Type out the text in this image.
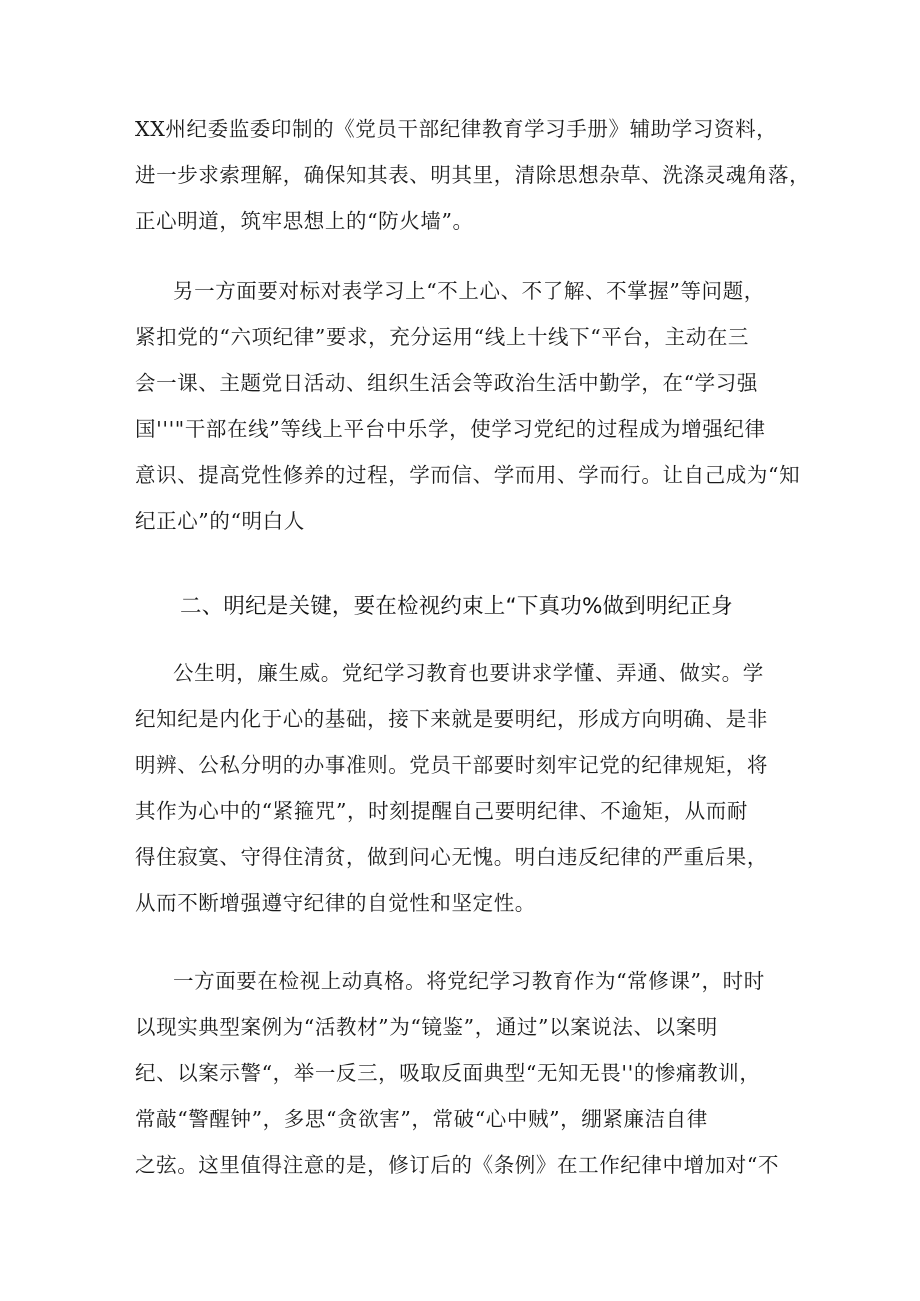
XX州纪委监委印制的《党员干部纪律教育学习手册》辅助学习资料，
进一步求索理解，确保知其表、明其里，清除思想杂草、洗涤灵魂角落，
正心明道，筑牢思想上的“防火墙”。
另一方面要对标对表学习上“不上心、不了解、不掌握”等问题，
紧扣党的“六项纪律”要求，充分运用“线上十线下“平台，主动在三
会一课、主题党日活动、组织生活会等政治生活中勤学，在“学习强
国'''"干部在线”等线上平台中乐学，使学习党纪的过程成为增强纪律
意识、提高党性修养的过程，学而信、学而用、学而行。让自己成为“知
纪正心”的“明白人
二、明纪是关键，要在检视约束上“下真功%做到明纪正身
公生明，廉生威。党纪学习教育也要讲求学懂、弄通、做实。学
纪知纪是内化于心的基础，接下来就是要明纪，形成方向明确、是非
明辨、公私分明的办事准则。党员干部要时刻牢记党的纪律规矩，将
其作为心中的“紧箍咒”，时刻提醒自己要明纪律、不逾矩，从而耐
得住寂寞、守得住清贫，做到问心无愧。明白违反纪律的严重后果，
从而不断增强遵守纪律的自觉性和坚定性。
一方面要在检视上动真格。将党纪学习教育作为“常修课”，时时
以现实典型案例为“活教材”为“镜鉴”，通过”以案说法、以案明
纪、以案示警“，举一反三，吸取反面典型“无知无畏''的惨痛教训，
常敲“警醒钟”，多思“贪欲害”，常破“心中贼”，绷紧廉洁自律
之弦。这里值得注意的是，修订后的《条例》在工作纪律中增加对“不
